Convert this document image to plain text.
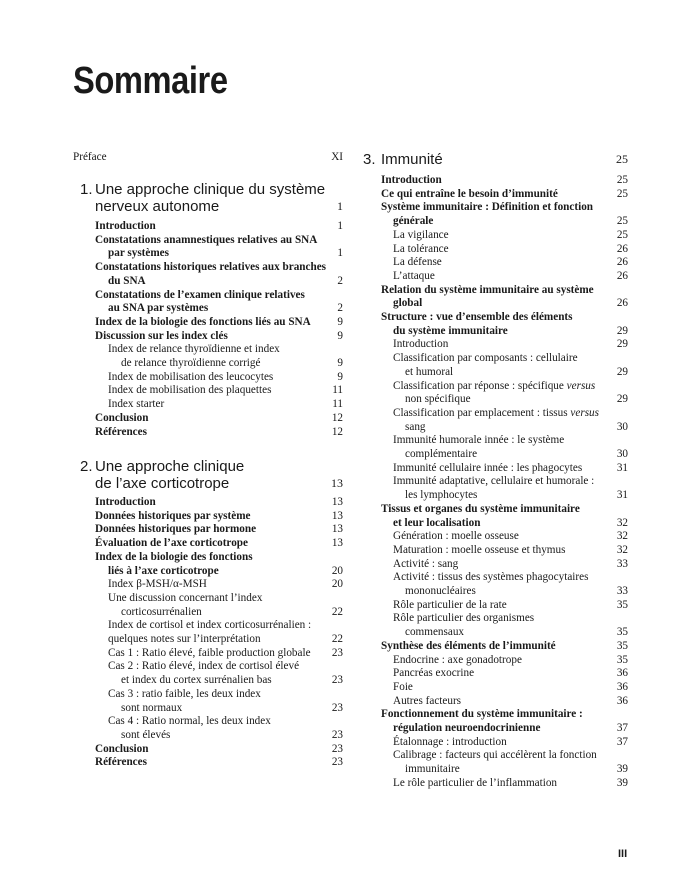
Sommaire
Préface	XI
1. Une approche clinique du système
nerveux autonome	1
Introduction	1
Constatations anamnestiques relatives au SNA
par systèmes	1
Constatations historiques relatives aux branches
du SNA	2
Constatations de l’examen clinique relatives
au SNA par systèmes	2
Index de la biologie des fonctions liés au SNA	9
Discussion sur les index clés	9
Index de relance thyroïdienne et index
de relance thyroïdienne corrigé	9
Index de mobilisation des leucocytes	9
Index de mobilisation des plaquettes	11
Index starter	11
Conclusion	12
Références	12
2. Une approche clinique
de l’axe corticotrope	13
Introduction	13
Données historiques par système	13
Données historiques par hormone	13
Évaluation de l’axe corticotrope	13
Index de la biologie des fonctions
liés à l’axe corticotrope	20
Index β-MSH/α-MSH	20
Une discussion concernant l’index
corticosurrénalien	22
Index de cortisol et index corticosurrénalien :
quelques notes sur l’interprétation	22
Cas 1 : Ratio élevé, faible production globale	23
Cas 2 : Ratio élevé, index de cortisol élevé
et index du cortex surrénalien bas	23
Cas 3 : ratio faible, les deux index
sont normaux	23
Cas 4 : Ratio normal, les deux index
sont élevés	23
Conclusion	23
Références	23
3. Immunité	25
Introduction	25
Ce qui entraîne le besoin d’immunité	25
Système immunitaire : Définition et fonction
générale	25
La vigilance	25
La tolérance	26
La défense	26
L’attaque	26
Relation du système immunitaire au système
global	26
Structure : vue d’ensemble des éléments
du système immunitaire	29
Introduction	29
Classification par composants : cellulaire
et humoral	29
Classification par réponse : spécifique versus
non spécifique	29
Classification par emplacement : tissus versus
sang	30
Immunité humorale innée : le système
complémentaire	30
Immunité cellulaire innée : les phagocytes	31
Immunité adaptative, cellulaire et humorale :
les lymphocytes	31
Tissus et organes du système immunitaire
et leur localisation	32
Génération : moelle osseuse	32
Maturation : moelle osseuse et thymus	32
Activité : sang	33
Activité : tissus des systèmes phagocytaires
mononucléaires	33
Rôle particulier de la rate	35
Rôle particulier des organismes
commensaux	35
Synthèse des éléments de l’immunité	35
Endocrine : axe gonadotrope	35
Pancréas exocrine	36
Foie	36
Autres facteurs	36
Fonctionnement du système immunitaire :
régulation neuroendocrinienne	37
Étalonnage : introduction	37
Calibrage : facteurs qui accélèrent la fonction
immunitaire	39
Le rôle particulier de l’inflammation	39
III
